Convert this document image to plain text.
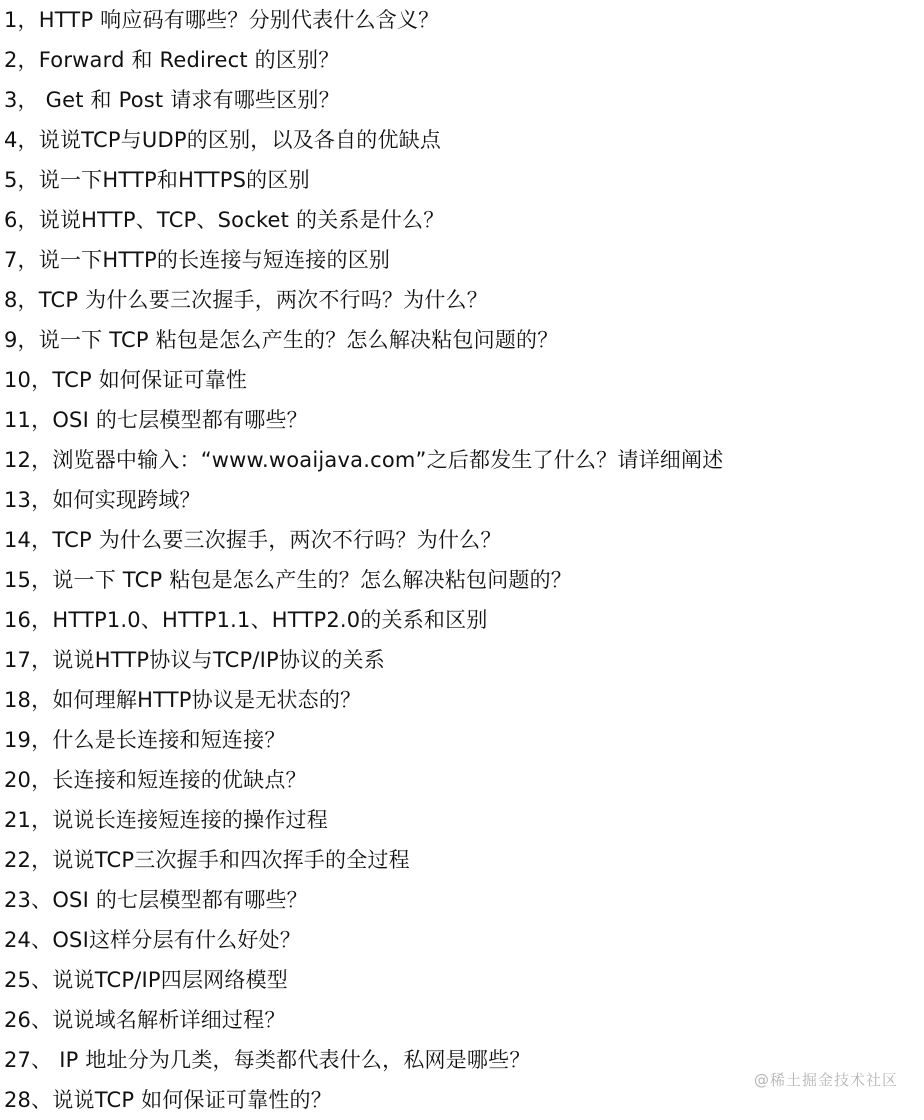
1，HTTP 响应码有哪些？分别代表什么含义？
2，Forward 和 Redirect 的区别？
3， Get 和 Post 请求有哪些区别？
4，说说TCP与UDP的区别，以及各自的优缺点
5，说一下HTTP和HTTPS的区别
6，说说HTTP、TCP、Socket 的关系是什么？
7，说一下HTTP的长连接与短连接的区别
8，TCP 为什么要三次握手，两次不行吗？为什么？
9，说一下 TCP 粘包是怎么产生的？怎么解决粘包问题的？
10，TCP 如何保证可靠性
11，OSI 的七层模型都有哪些？
12，浏览器中输入：“www.woaijava.com”之后都发生了什么？请详细阐述
13，如何实现跨域？
14，TCP 为什么要三次握手，两次不行吗？为什么？
15，说一下 TCP 粘包是怎么产生的？怎么解决粘包问题的？
16，HTTP1.0、HTTP1.1、HTTP2.0的关系和区别
17，说说HTTP协议与TCP/IP协议的关系
18，如何理解HTTP协议是无状态的？
19，什么是长连接和短连接？
20，长连接和短连接的优缺点？
21，说说长连接短连接的操作过程
22，说说TCP三次握手和四次挥手的全过程
23、OSI 的七层模型都有哪些？
24、OSI这样分层有什么好处？
25、说说TCP/IP四层网络模型
26、说说域名解析详细过程？
27、 IP 地址分为几类，每类都代表什么，私网是哪些？
28、说说TCP 如何保证可靠性的？
@稀土掘金技术社区
